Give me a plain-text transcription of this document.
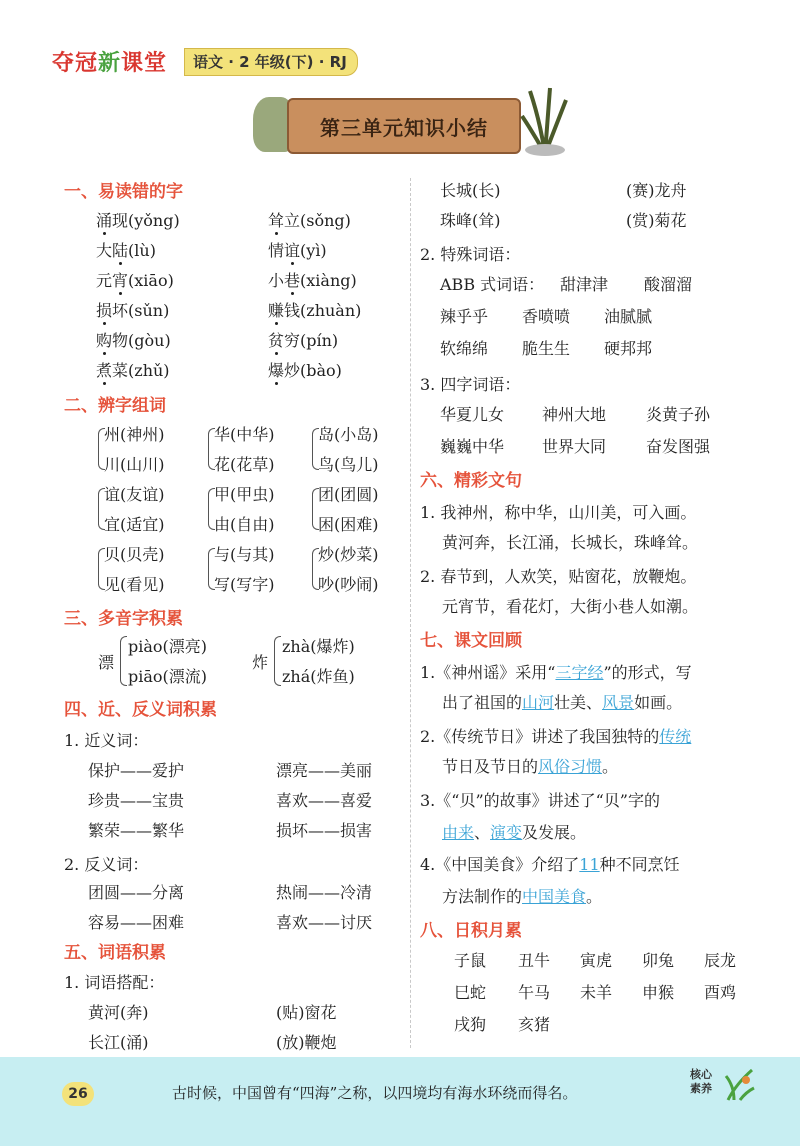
夺冠新课堂	语文 · 2 年级(下) · RJ
第三单元知识小结
一、易读错的字
二、辨字组词
三、多音字积累
漂
piào(漂亮)
piāo(漂流)
炸
zhà(爆炸)
zhá(炸鱼)
四、近、反义词积累
1. 近义词：
2. 反义词：
五、词语积累
1. 词语搭配：
2. 特殊词语：
ABB 式词语：
3. 四字词语：
六、精彩文句
1. 我神州，称中华，山川美，可入画。
黄河奔，长江涌，长城长，珠峰耸。
2. 春节到，人欢笑，贴窗花，放鞭炮。
元宵节，看花灯，大街小巷人如潮。
七、课文回顾
1.《神州谣》采用“三字经”的形式，写
出了祖国的山河壮美、风景如画。
2.《传统节日》讲述了我国独特的传统
节日及节日的风俗习惯。
3.《“贝”的故事》讲述了“贝”字的
由来、演变及发展。
4.《中国美食》介绍了11种不同烹饪
方法制作的中国美食。
八、日积月累
26	古时候，中国曾有“四海”之称，以四境均有海水环绕而得名。
核心
素养
涌现(yǒng)	耸立(sǒng)
大陆(lù)	情谊(yì)
元宵(xiāo)	小巷(xiàng)
损坏(sǔn)	赚钱(zhuàn)
购物(gòu)	贫穷(pín)
煮菜(zhǔ)	爆炒(bào)
州(神州)	华(中华)	岛(小岛)
川(山川)	花(花草)	鸟(鸟儿)
谊(友谊)	甲(甲虫)	团(团圆)
宜(适宜)	由(自由)	困(困难)
贝(贝壳)	与(与其)	炒(炒菜)
见(看见)	写(写字)	吵(吵闹)
保护——爱护	漂亮——美丽
珍贵——宝贵	喜欢——喜爱
繁荣——繁华	损坏——损害
团圆——分离	热闹——冷清
容易——困难	喜欢——讨厌
黄河(奔)	(贴)窗花
长江(涌)	(放)鞭炮
长城(长)	(赛)龙舟
珠峰(耸)	(赏)菊花
甜津津 酸溜溜
辣乎乎 香喷喷 油腻腻
软绵绵 脆生生 硬邦邦
华夏儿女 神州大地 炎黄子孙
巍巍中华 世界大同 奋发图强
子鼠 丑牛 寅虎 卯兔 辰龙
巳蛇 午马 未羊 申猴 酉鸡
戌狗 亥猪
